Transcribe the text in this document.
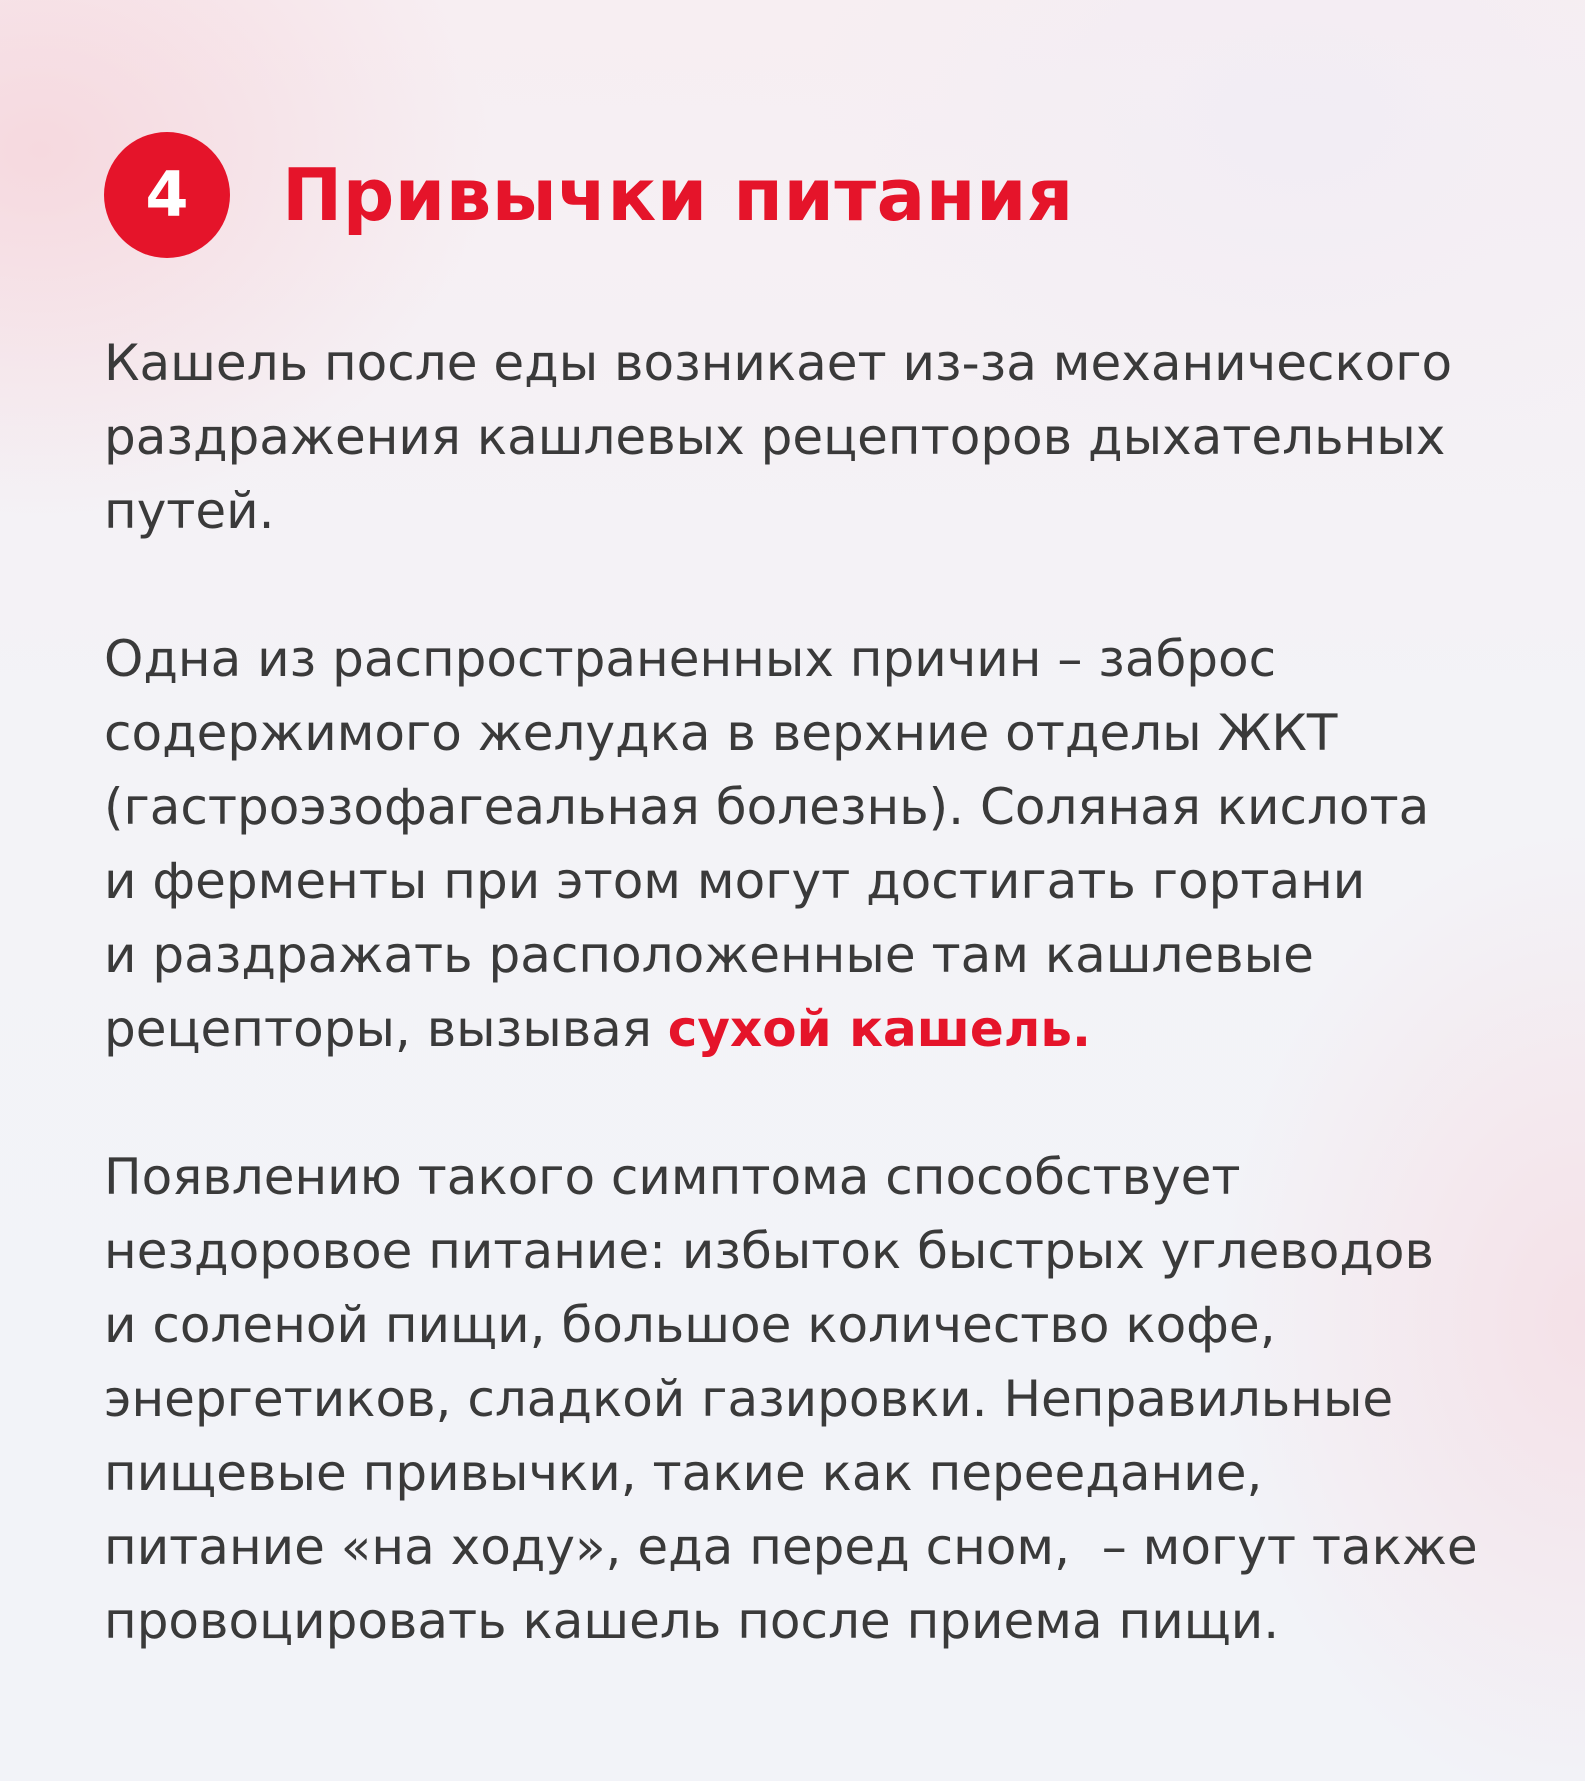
4 Привычки питания

Кашель после еды возникает из-за механического
раздражения кашлевых рецепторов дыхательных
путей.

Одна из распространенных причин – заброс
содержимого желудка в верхние отделы ЖКТ
(гастроэзофагеальная болезнь). Соляная кислота
и ферменты при этом могут достигать гортани
и раздражать расположенные там кашлевые
рецепторы, вызывая сухой кашель.

Появлению такого симптома способствует
нездоровое питание: избыток быстрых углеводов
и соленой пищи, большое количество кофе,
энергетиков, сладкой газировки. Неправильные
пищевые привычки, такие как переедание,
питание «на ходу», еда перед сном,  – могут также
провоцировать кашель после приема пищи.
